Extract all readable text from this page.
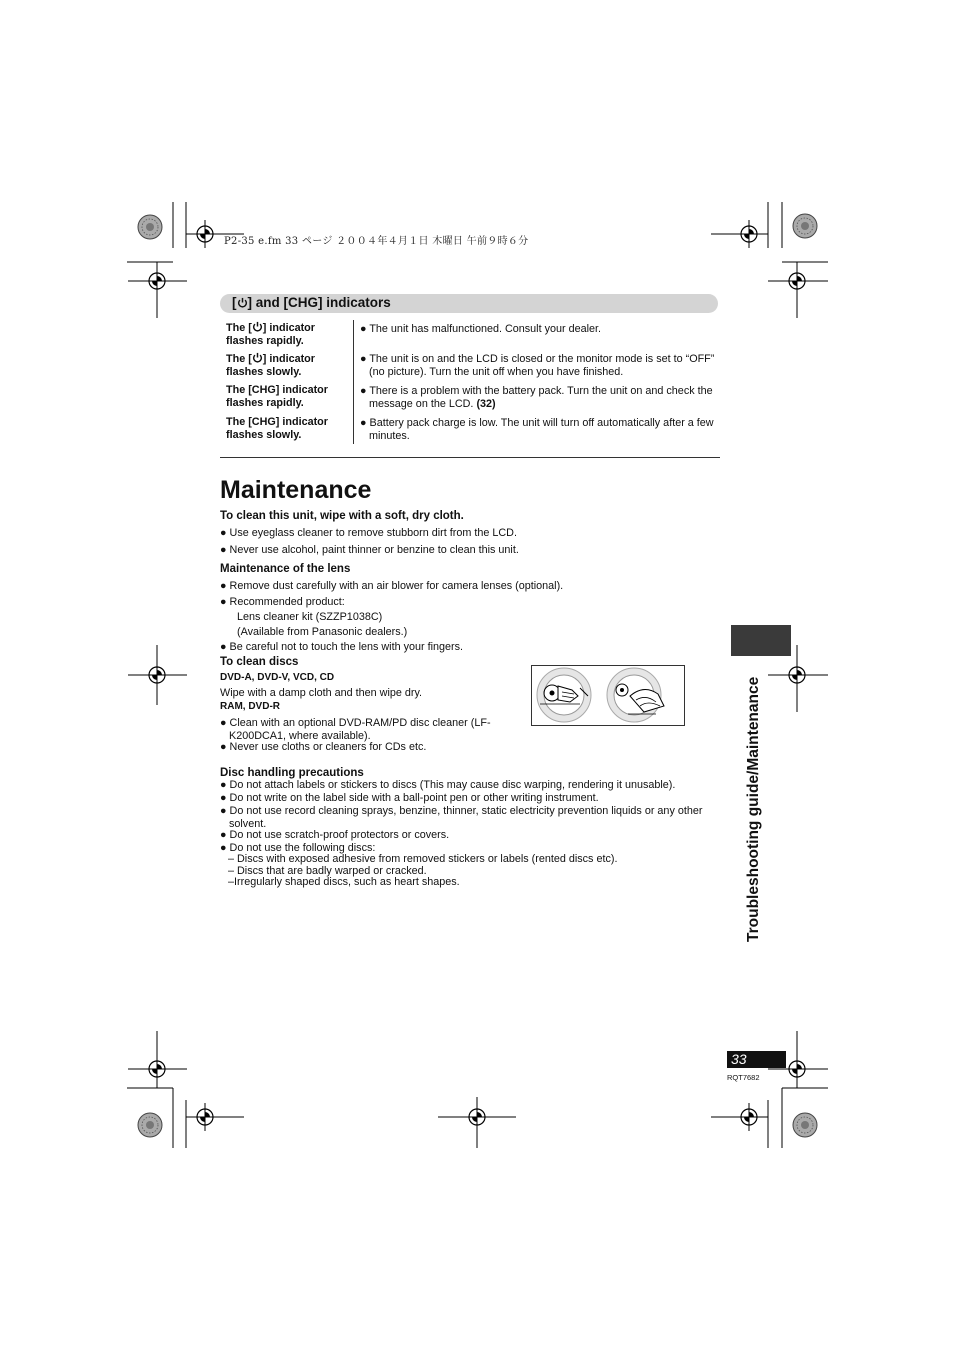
P2-35 e.fm 33 ページ ２００４年４月１日 木曜日 午前９時６分
[ ] and [CHG] indicators
The [ ] indicator flashes rapidly.
● The unit has malfunctioned. Consult your dealer.
The [ ] indicator flashes slowly.
● The unit is on and the LCD is closed or the monitor mode is set to “OFF” (no picture). Turn the unit off when you have finished.
The [CHG] indicator flashes rapidly.
● There is a problem with the battery pack. Turn the unit on and check the message on the LCD. (32)
The [CHG] indicator flashes slowly.
● Battery pack charge is low. The unit will turn off automatically after a few minutes.
Maintenance
To clean this unit, wipe with a soft, dry cloth.
● Use eyeglass cleaner to remove stubborn dirt from the LCD.
● Never use alcohol, paint thinner or benzine to clean this unit.
Maintenance of the lens
● Remove dust carefully with an air blower for camera lenses (optional).
● Recommended product:
Lens cleaner kit (SZZP1038C)
(Available from Panasonic dealers.)
● Be careful not to touch the lens with your fingers.
To clean discs
DVD-A, DVD-V, VCD, CD
Wipe with a damp cloth and then wipe dry.
RAM, DVD-R
● Clean with an optional DVD-RAM/PD disc cleaner (LF-K200DCA1, where available).
● Never use cloths or cleaners for CDs etc.
Disc handling precautions
● Do not attach labels or stickers to discs (This may cause disc warping, rendering it unusable).
● Do not write on the label side with a ball-point pen or other writing instrument.
● Do not use record cleaning sprays, benzine, thinner, static electricity prevention liquids or any other solvent.
● Do not use scratch-proof protectors or covers.
● Do not use the following discs:
– Discs with exposed adhesive from removed stickers or labels (rented discs etc).
– Discs that are badly warped or cracked.
–Irregularly shaped discs, such as heart shapes.	Troubleshooting guide/Maintenance
33
RQT7682
